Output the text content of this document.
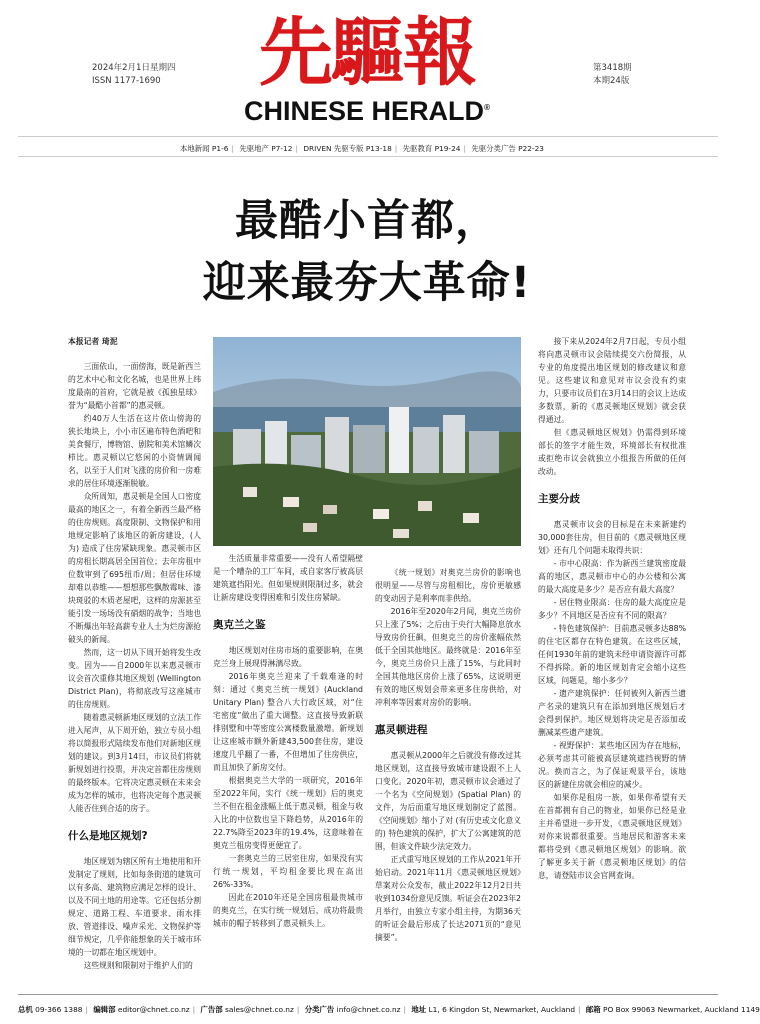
2024年2月1日星期四
ISSN 1177-1690	先驅報
CHINESE HERALD®
第3418期
本期24版
本地新闻 P1-6 | 先驱地产 P7-12 | DRIVEN 先驱专版 P13-18 | 先驱教育 P19-24 | 先驱分类广告 P22-23
最酷小首都，
迎来最夯大革命!

本报记者 琦泥

三面依山，一面傍海，既是新西兰的艺术中心和文化名城，也是世界上纬度最南的首府，它就是被《孤独星球》誉为“最酷小首都”的惠灵顿。

约40万人生活在这片依山傍海的狭长地块上，小小市区遍布特色酒吧和美食餐厅，博物馆、剧院和美术馆鳞次栉比。惠灵顿以它悠闲的小资情调闻名，以至于人们对飞涨的房价和一房难求的居住环境逐渐脱敏。

众所周知，惠灵顿是全国人口密度最高的地区之一，有着全新西兰最严格的住房规则。高度限制、文物保护和用地规定影响了该地区的新房建设，(人为) 造成了住房紧缺现象。惠灵顿市区的房租长期高居全国首位；去年房租中位数审到了695纽币/周；但居住环境却难以恭维——想想那些飘散霉味、漆块斑驳的木质老屋吧，这样的房源甚至能引发一场场没有硝烟的战争；当地也不断爆出年轻高薪专业人士为烂房源抢破头的新闻。

然而，这一切从下周开始将发生改变。因为——自2000年以来惠灵顿市议会首次重修其地区规划 (Wellington District Plan)，将彻底改写这座城市的住房规则。

随着惠灵顿新地区规划的立法工作进入尾声，从下周开始，独立专员小组将以简报形式陆续发布他们对新地区规划的建议。到3月14日，市议员们将就新规划进行投票，并决定首都住房规则的最终版本。它将决定惠灵顿在未来会成为怎样的城市，也将决定每个惠灵顿人能否住到合适的房子。

什么是地区规划?

地区规划为辖区所有土地使用和开发制定了规则，比如每条街道的建筑可以有多高、建筑物应满足怎样的设计、以及不同土地的用途等。它还包括分割规定、道路工程、车道要求、雨水排放、管道排设、噪声采光、文物保护等细节规定，几乎你能想象的关于城市环境的一切都在地区规划中。

这些规则和限制对于维护人们的

生活质量非常重要——没有人希望隔壁是一个嘈杂的工厂车间，或自家客厅被高层建筑遮挡阳光。但如果规则限制过多，就会让新房建设变得困难和引发住房紧缺。

奥克兰之鉴

地区规划对住房市场的重要影响，在奥克兰身上展现得淋漓尽致。

2016年奥克兰迎来了千载难逢的时刻：通过《奥克兰统一规划》(Auckland Unitary Plan) 整合八大行政区域，对“住宅密度”做出了重大调整。这直接导致新联排别墅和中等密度公寓楼数量激增。新规划让这座城市额外新建43,500套住房，建设速度几乎翻了一番，不但增加了住房供应，而且加快了新房交付。

根据奥克兰大学的一项研究，2016年至2022年间，实行《统一规划》后的奥克兰不但在租金涨幅上低于惠灵顿，租金与收入比的中位数也呈下降趋势，从2016年的22.7%降至2023年的19.4%，这意味着在奥克兰租房变得更便宜了。

一套奥克兰的三居室住房，如果没有实行统一规划，平均租金要比现在高出26%-33%。

因此在2010年还是全国房租最贵城市的奥克兰，在实行统一规划后，成功将最贵城市的帽子转移到了惠灵顿头上。

《统一规划》对奥克兰房价的影响也很明显——尽管与房租相比，房价更敏感的变动因子是利率而非供给。

2016年至2020年2月间，奥克兰房价只上涨了5%；之后由于央行大幅降息放水导致房价狂飙，但奥克兰的房价涨幅依然低于全国其他地区。最终就是：2016年至今，奥克兰房价只上涨了15%，与此同时全国其他地区房价上涨了65%，这说明更有效的地区规划会带来更多住房供给，对冲利率等因素对房价的影响。

惠灵顿进程

惠灵顿从2000年之后就没有修改过其地区规划，这直接导致城市建设跟不上人口变化。2020年初，惠灵顿市议会通过了一个名为《空间规划》(Spatial Plan) 的文件，为后面重写地区规划制定了蓝图。《空间规划》缩小了对 (有历史或文化意义的) 特色建筑的保护，扩大了公寓建筑的范围，但该文件缺少法定效力。

正式重写地区规划的工作从2021年开始启动。2021年11月《惠灵顿地区规划》草案对公众发布，截止2022年12月2日共收到1034份意见反馈。听证会在2023年2月举行，由独立专家小组主持，为期36天的听证会最后形成了长达2071页的“意见摘要”。

接下来从2024年2月7日起，专员小组将向惠灵顿市议会陆续提交六份简报，从专业的角度提出地区规划的修改建议和意见。这些建议和意见对市议会没有约束力，只要市议员们在3月14日的会议上达成多数票，新的《惠灵顿地区规划》就会获得通过。

但《惠灵顿地区规划》仍需得到环境部长的签字才能生效，环境部长有权批准或拒绝市议会就独立小组报告所做的任何改动。

主要分歧

惠灵顿市议会的目标是在未来新建约30,000套住房，但目前的《惠灵顿地区规划》还有几个问题未取得共识：

- 市中心限高：作为新西兰建筑密度最高的地区，惠灵顿市中心的办公楼和公寓的最大高度是多少？是否应有最大高度？

- 居住物业限高：住房的最大高度应是多少？不同地区是否应有不同的限高？

- 特色建筑保护：目前惠灵顿多达88%的住宅区都存在特色建筑。在这些区域，任何1930年前的建筑未经申请资源许可都不得拆除。新的地区规划肯定会缩小这些区域，问题是，缩小多少？

- 遗产建筑保护：任何被列入新西兰遗产名录的建筑只有在添加到地区规划后才会得到保护。地区规划将决定是否添加或删减某些遗产建筑。

- 视野保护：某些地区因为存在地标，必须考虑其可能被高层建筑遮挡视野的情况。换而言之，为了保证观景平台，该地区的新建住房就会相应的减少。

如果你是租房一族，如果你希望有天在首都拥有自己的物业，如果你已经是业主并希望进一步开发，《惠灵顿地区规划》对你来说都很重要。当地居民和游客未来都将受到《惠灵顿地区规划》的影响。欲了解更多关于新《惠灵顿地区规划》的信息，请登陆市议会官网查询。

总机 09-366 1388 | 编辑部 editor@chnet.co.nz | 广告部 sales@chnet.co.nz | 分类广告 info@chnet.co.nz | 地址 L1, 6 Kingdon St, Newmarket, Auckland | 邮箱 PO Box 99063 Newmarket, Auckland 1149
